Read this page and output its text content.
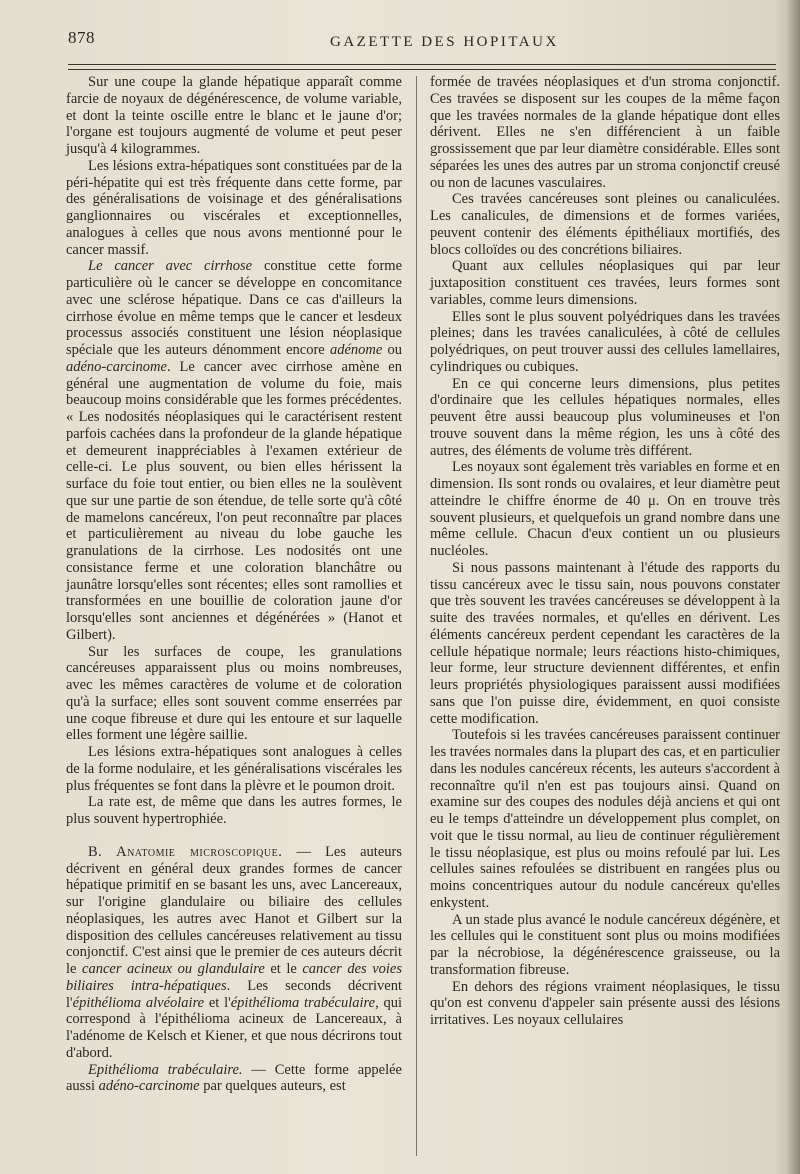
878	GAZETTE DES HOPITAUX

Sur une coupe la glande hépatique apparaît comme farcie de noyaux de dégénérescence, de volume variable, et dont la teinte oscille entre le blanc et le jaune d'or; l'organe est toujours augmenté de volume et peut peser jusqu'à 4 kilogrammes.

Les lésions extra-hépatiques sont constituées par de la péri-hépatite qui est très fréquente dans cette forme, par des généralisations de voisinage et des généralisations ganglionnaires ou viscérales et exceptionnelles, analogues à celles que nous avons mentionné pour le cancer massif.

Le cancer avec cirrhose constitue cette forme particulière où le cancer se développe en concomitance avec une sclérose hépatique. Dans ce cas d'ailleurs la cirrhose évolue en même temps que le cancer et lesdeux processus associés constituent une lésion néoplasique spéciale que les auteurs dénomment encore adénome ou adéno-carcinome. Le cancer avec cirrhose amène en général une augmentation de volume du foie, mais beaucoup moins considérable que les formes précédentes. « Les nodosités néoplasiques qui le caractérisent restent parfois cachées dans la profondeur de la glande hépatique et demeurent inappréciables à l'examen extérieur de celle-ci. Le plus souvent, ou bien elles hérissent la surface du foie tout entier, ou bien elles ne la soulèvent que sur une partie de son étendue, de telle sorte qu'à côté de mamelons cancéreux, l'on peut reconnaître par places et particulièrement au niveau du lobe gauche les granulations de la cirrhose. Les nodosités ont une consistance ferme et une coloration blanchâtre ou jaunâtre lorsqu'elles sont récentes; elles sont ramollies et transformées en une bouillie de coloration jaune d'or lorsqu'elles sont anciennes et dégénérées » (Hanot et Gilbert).

Sur les surfaces de coupe, les granulations cancéreuses apparaissent plus ou moins nombreuses, avec les mêmes caractères de volume et de coloration qu'à la surface; elles sont souvent comme enserrées par une coque fibreuse et dure qui les entoure et sur laquelle elles forment une légère saillie.

Les lésions extra-hépatiques sont analogues à celles de la forme nodulaire, et les généralisations viscérales les plus fréquentes se font dans la plèvre et le poumon droit.

La rate est, de même que dans les autres formes, le plus souvent hypertrophiée.

B. Anatomie microscopique. — Les auteurs décrivent en général deux grandes formes de cancer hépatique primitif en se basant les uns, avec Lancereaux, sur l'origine glandulaire ou biliaire des cellules néoplasiques, les autres avec Hanot et Gilbert sur la disposition des cellules cancéreuses relativement au tissu conjonctif. C'est ainsi que le premier de ces auteurs décrit le cancer acineux ou glandulaire et le cancer des voies biliaires intra-hépatiques. Les seconds décrivent l'épithélioma alvéolaire et l'épithélioma trabéculaire, qui correspond à l'épithélioma acineux de Lancereaux, à l'adénome de Kelsch et Kiener, et que nous décrirons tout d'abord.

Epithélioma trabéculaire. — Cette forme appelée aussi adéno-carcinome par quelques auteurs, est

formée de travées néoplasiques et d'un stroma conjonctif. Ces travées se disposent sur les coupes de la même façon que les travées normales de la glande hépatique dont elles dérivent. Elles ne s'en différencient à un faible grossissement que par leur diamètre considérable. Elles sont séparées les unes des autres par un stroma conjonctif creusé ou non de lacunes vasculaires.

Ces travées cancéreuses sont pleines ou canaliculées. Les canalicules, de dimensions et de formes variées, peuvent contenir des éléments épithéliaux mortifiés, des blocs colloïdes ou des concrétions biliaires.

Quant aux cellules néoplasiques qui par leur juxtaposition constituent ces travées, leurs formes sont variables, comme leurs dimensions.

Elles sont le plus souvent polyédriques dans les travées pleines; dans les travées canaliculées, à côté de cellules polyédriques, on peut trouver aussi des cellules lamellaires, cylindriques ou cubiques.

En ce qui concerne leurs dimensions, plus petites d'ordinaire que les cellules hépatiques normales, elles peuvent être aussi beaucoup plus volumineuses et l'on trouve souvent dans la même région, les uns à côté des autres, des éléments de volume très différent.

Les noyaux sont également très variables en forme et en dimension. Ils sont ronds ou ovalaires, et leur diamètre peut atteindre le chiffre énorme de 40 μ. On en trouve très souvent plusieurs, et quelquefois un grand nombre dans une même cellule. Chacun d'eux contient un ou plusieurs nucléoles.

Si nous passons maintenant à l'étude des rapports du tissu cancéreux avec le tissu sain, nous pouvons constater que très souvent les travées cancéreuses se développent à la suite des travées normales, et qu'elles en dérivent. Les éléments cancéreux perdent cependant les caractères de la cellule hépatique normale; leurs réactions histo-chimiques, leur forme, leur structure deviennent différentes, et enfin leurs propriétés physiologiques paraissent aussi modifiées sans que l'on puisse dire, évidemment, en quoi consiste cette modification.

Toutefois si les travées cancéreuses paraissent continuer les travées normales dans la plupart des cas, et en particulier dans les nodules cancéreux récents, les auteurs s'accordent à reconnaître qu'il n'en est pas toujours ainsi. Quand on examine sur des coupes des nodules déjà anciens et qui ont eu le temps d'atteindre un développement plus complet, on voit que le tissu normal, au lieu de continuer régulièrement le tissu néoplasique, est plus ou moins refoulé par lui. Les cellules saines refoulées se distribuent en rangées plus ou moins concentriques autour du nodule cancéreux qu'elles enkystent.

A un stade plus avancé le nodule cancéreux dégénère, et les cellules qui le constituent sont plus ou moins modifiées par la nécrobiose, la dégénérescence graisseuse, ou la transformation fibreuse.

En dehors des régions vraiment néoplasiques, le tissu qu'on est convenu d'appeler sain présente aussi des lésions irritatives. Les noyaux cellulaires
